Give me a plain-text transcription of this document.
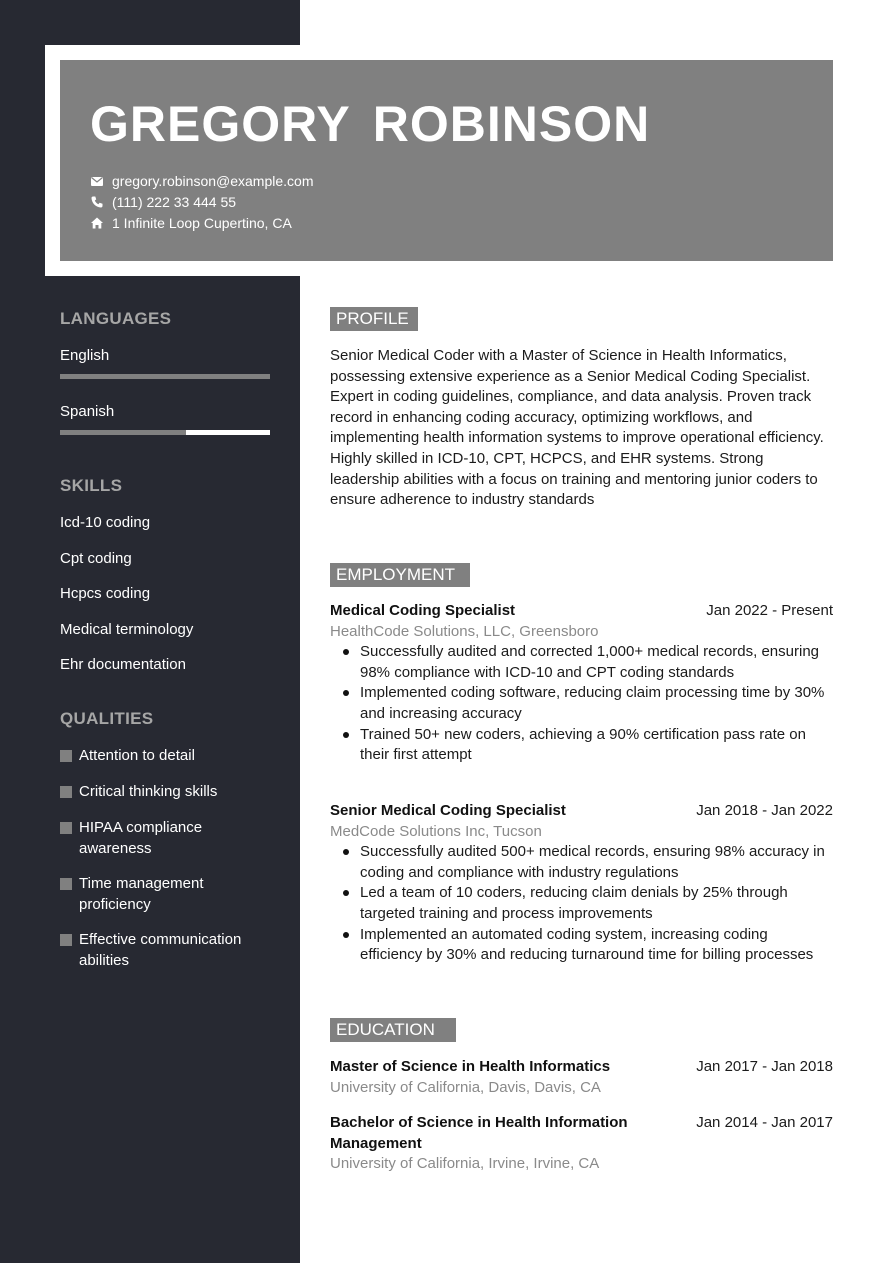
GREGORY ROBINSON
gregory.robinson@example.com
(111) 222 33 444 55
1 Infinite Loop Cupertino, CA
LANGUAGES
English
Spanish
SKILLS
Icd-10 coding
Cpt coding
Hcpcs coding
Medical terminology
Ehr documentation
QUALITIES
Attention to detail
Critical thinking skills
HIPAA compliance awareness
Time management proficiency
Effective communication abilities
PROFILE
Senior Medical Coder with a Master of Science in Health Informatics, possessing extensive experience as a Senior Medical Coding Specialist. Expert in coding guidelines, compliance, and data analysis. Proven track record in enhancing coding accuracy, optimizing workflows, and implementing health information systems to improve operational efficiency. Highly skilled in ICD-10, CPT, HCPCS, and EHR systems. Strong leadership abilities with a focus on training and mentoring junior coders to ensure adherence to industry standards
EMPLOYMENT
Medical Coding Specialist	Jan 2022 - Present
HealthCode Solutions, LLC, Greensboro
Successfully audited and corrected 1,000+ medical records, ensuring 98% compliance with ICD-10 and CPT coding standards
Implemented coding software, reducing claim processing time by 30% and increasing accuracy
Trained 50+ new coders, achieving a 90% certification pass rate on their first attempt
Senior Medical Coding Specialist	Jan 2018 - Jan 2022
MedCode Solutions Inc, Tucson
Successfully audited 500+ medical records, ensuring 98% accuracy in coding and compliance with industry regulations
Led a team of 10 coders, reducing claim denials by 25% through targeted training and process improvements
Implemented an automated coding system, increasing coding efficiency by 30% and reducing turnaround time for billing processes
EDUCATION
Master of Science in Health Informatics	Jan 2017 - Jan 2018
University of California, Davis, Davis, CA
Bachelor of Science in Health Information Management
Jan 2014 - Jan 2017
University of California, Irvine, Irvine, CA
